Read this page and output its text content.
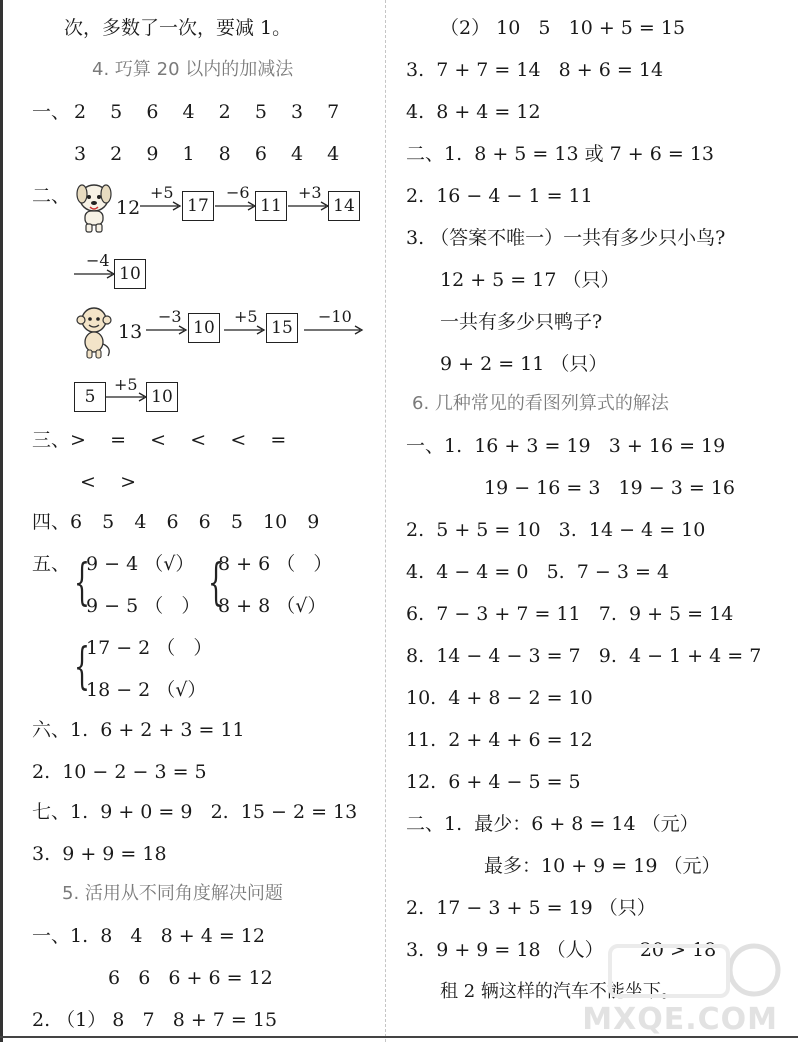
次，多数了一次，要减 1。
4. 巧算 20 以内的加减法
一、 2  5  6  4  2  5  3  7
3  2  9  1  8  6  4  4
二、
12
+5
17
−6
11
+3
14
−4
10
13
−3
10
+5
15
−10
5
+5
10
三、>    =    <    <    <    =
<    >
四、6  5  4  6  6  5  10  9
五、 {
9 − 4 （√）
9 − 5 （   ） {
8 + 6 （   ）
8 + 8 （√）
{
17 − 2 （   ）
18 − 2 （√）
六、1.  6 + 2 + 3 = 11
2.  10 − 2 − 3 = 5
七、1.  9 + 0 = 9   2.  15 − 2 = 13
3.  9 + 9 = 18
5. 活用从不同角度解决问题
一、1.  8   4   8 + 4 = 12
6   6   6 + 6 = 12
2. （1） 8   7   8 + 7 = 15
（2） 10   5   10 + 5 = 15
3.  7 + 7 = 14   8 + 6 = 14
4.  8 + 4 = 12
二、1.  8 + 5 = 13 或 7 + 6 = 13
2.  16 − 4 − 1 = 11
3. （答案不唯一）一共有多少只小鸟?
12 + 5 = 17 （只）
一共有多少只鸭子?
9 + 2 = 11 （只）
6. 几种常见的看图列算式的解法
一、1.  16 + 3 = 19   3 + 16 = 19
19 − 16 = 3   19 − 3 = 16
2.  5 + 5 = 10   3.  14 − 4 = 10
4.  4 − 4 = 0   5.  7 − 3 = 4
6.  7 − 3 + 7 = 11   7.  9 + 5 = 14
8.  14 − 4 − 3 = 7   9.  4 − 1 + 4 = 7
10.  4 + 8 − 2 = 10
11.  2 + 4 + 6 = 12
12.  6 + 4 − 5 = 5
二、1.  最少：6 + 8 = 14 （元）
最多：10 + 9 = 19 （元）
2.  17 − 3 + 5 = 19 （只）
3.  9 + 9 = 18 （人）      20 > 18
租 2 辆这样的汽车不能坐下。
MXQE.COM
